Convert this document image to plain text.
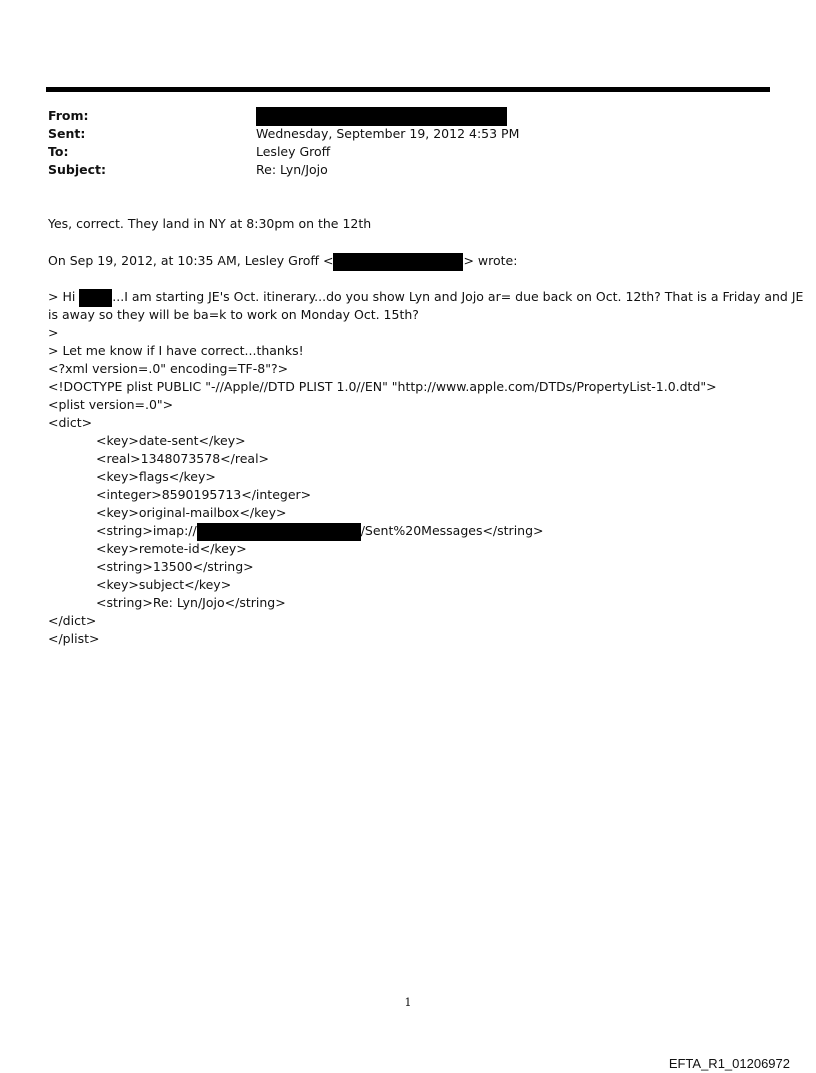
From:
Sent:	Wednesday, September 19, 2012 4:53 PM
To:	Lesley Groff
Subject:	Re: Lyn/Jojo
Yes, correct. They land in NY at 8:30pm on the 12th
On Sep 19, 2012, at 10:35 AM, Lesley Groff <	> wrote:
> Hi	...I am starting JE's Oct. itinerary...do you show Lyn and Jojo ar= due back on Oct. 12th? That is a Friday and JE
is away so they will be ba=k to work on Monday Oct. 15th?
>
> Let me know if I have correct...thanks!
<?xml version=.0" encoding=TF-8"?>
<!DOCTYPE plist PUBLIC "-//Apple//DTD PLIST 1.0//EN" "http://www.apple.com/DTDs/PropertyList-1.0.dtd">
<plist version=.0">
<dict>
<key>date-sent</key>
<real>1348073578</real>
<key>flags</key>
<integer>8590195713</integer>
<key>original-mailbox</key>
<string>imap://	/Sent%20Messages</string>
<key>remote-id</key>
<string>13500</string>
<key>subject</key>
<string>Re: Lyn/Jojo</string>
</dict>
</plist>
1
EFTA_R1_01206972
